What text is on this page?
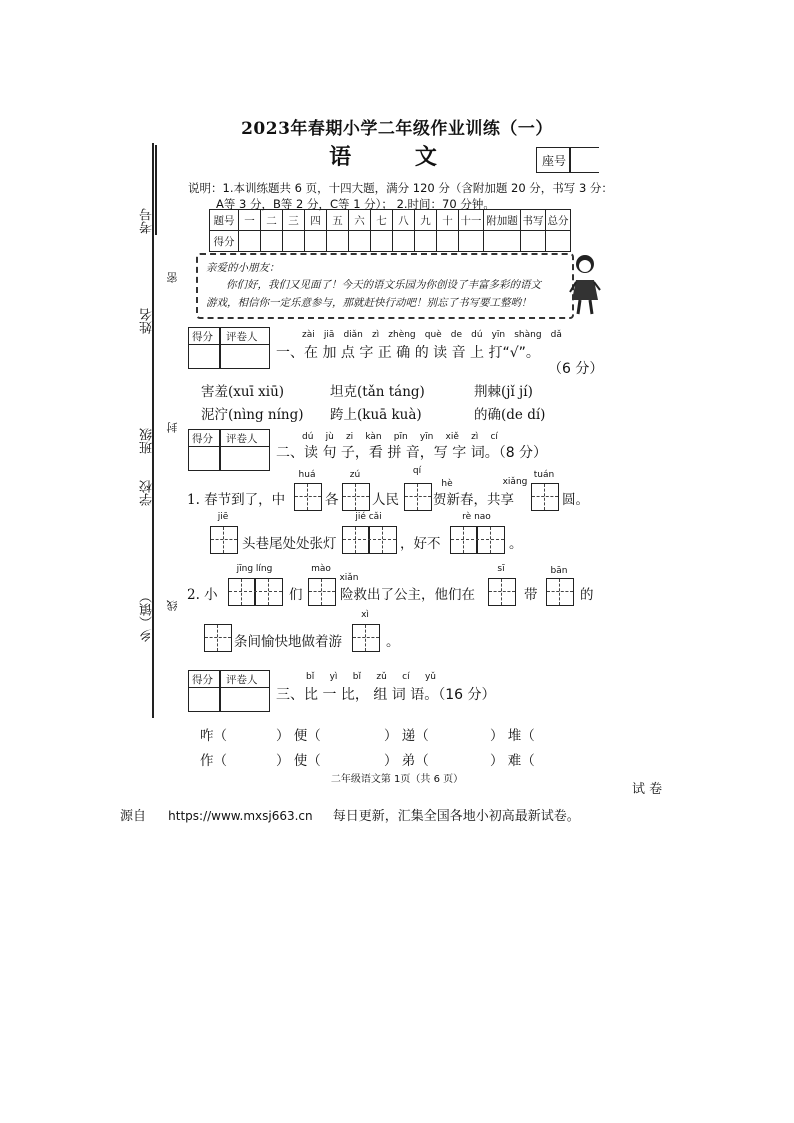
2023年春期小学二年级作业训练（一）
语 文	座号
考号
姓名
班级
学校
乡（镇）
密
封
线
说明：1.本训练题共 6 页，十四大题，满分 120 分（含附加题 20 分，书写 3 分：
A等 3 分，B等 2 分，C等 1 分）； 2.时间：70 分钟。
题号	一	二	三	四	五	六	七	八	九	十	十一	附加题	书写	总分
得分														
亲爱的小朋友：
你们好，我们又见面了！今天的语文乐园为你创设了丰富多彩的语文
游戏，相信你一定乐意参与，那就赶快行动吧！别忘了书写要工整哟！
得分 评卷人	zài jiā diǎn zì zhèng què de dú yīn shàng dǎ
一、在 加 点 字 正 确 的 读 音 上 打“√”。
（6 分）
害羞(xuī xiū)	坦克(tǎn táng)	荆棘(jǐ jí)
泥泞(nìng níng) 跨上(kuā kuà)	的确(de dí)
得分 评卷人	dú jù zi kàn pīn yīn xiě zì cí
二、读 句 子，看 拼 音，写 字 词。（8 分）
1. 春节到了，中
huá
各
zú
人民
qí
贺新春，共享
hè	xiǎng
tuán
圆。
jiē
头巷尾处处张灯
jié cǎi
，好不
rè nao
。
2. 小
jīng líng
们
mào
xiǎn
险救出了公主，他们在
sī
带
bān
的
条间愉快地做着游
xì
。
得分 评卷人	bǐ yì bǐ zǔ cí yǔ
三、比 一 比， 组 词 语。（16 分）
咋（	） 便（	） 递（	） 堆（
作（	） 使（	） 弟（	） 难（
二年级语文第 1页（共 6 页）
试 卷
源自 https://www.mxsj663.cn 每日更新，汇集全国各地小初高最新试卷。
